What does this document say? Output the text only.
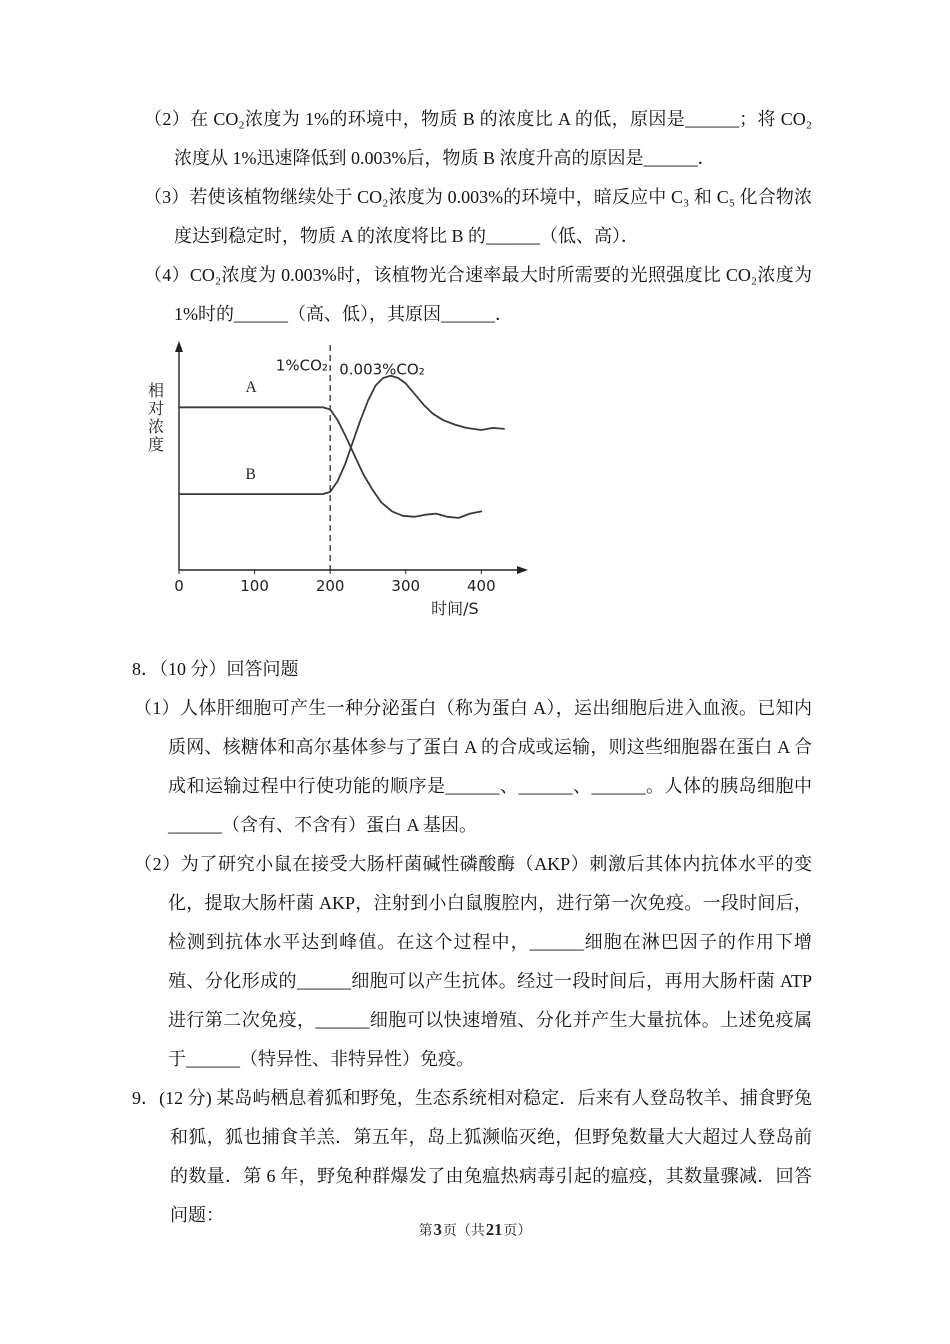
（2）在 CO₂浓度为 1%的环境中，物质 B 的浓度比 A 的低，原因是______；将 CO₂浓度从 1%迅速降低到 0.003%后，物质 B 浓度升高的原因是______．

（3）若使该植物继续处于 CO₂浓度为 0.003%的环境中，暗反应中 C₃ 和 C₅ 化合物浓度达到稳定时，物质 A 的浓度将比 B 的______（低、高）．

（4）CO₂浓度为 0.003%时，该植物光合速率最大时所需要的光照强度比 CO₂浓度为 1%时的______（高、低），其原因______．

0	100	200	300	400
时间/S
相对浓度
A
B
1%CO₂ 0.003%CO₂

8．（10 分）回答问题

（1）人体肝细胞可产生一种分泌蛋白（称为蛋白 A），运出细胞后进入血液。已知内质网、核糖体和高尔基体参与了蛋白 A 的合成或运输，则这些细胞器在蛋白 A 合成和运输过程中行使功能的顺序是______、______、______。人体的胰岛细胞中______（含有、不含有）蛋白 A 基因。

（2）为了研究小鼠在接受大肠杆菌碱性磷酸酶（AKP）刺激后其体内抗体水平的变化，提取大肠杆菌 AKP，注射到小白鼠腹腔内，进行第一次免疫。一段时间后，检测到抗体水平达到峰值。在这个过程中，______细胞在淋巴因子的作用下增殖、分化形成的______细胞可以产生抗体。经过一段时间后，再用大肠杆菌 ATP 进行第二次免疫，______细胞可以快速增殖、分化并产生大量抗体。上述免疫属于______（特异性、非特异性）免疫。

9．(12 分) 某岛屿栖息着狐和野兔，生态系统相对稳定．后来有人登岛牧羊、捕食野兔和狐，狐也捕食羊羔．第五年，岛上狐濒临灭绝，但野兔数量大大超过人登岛前的数量．第 6 年，野兔种群爆发了由兔瘟热病毒引起的瘟疫，其数量骤减．回答问题：

第3页（共21页）
